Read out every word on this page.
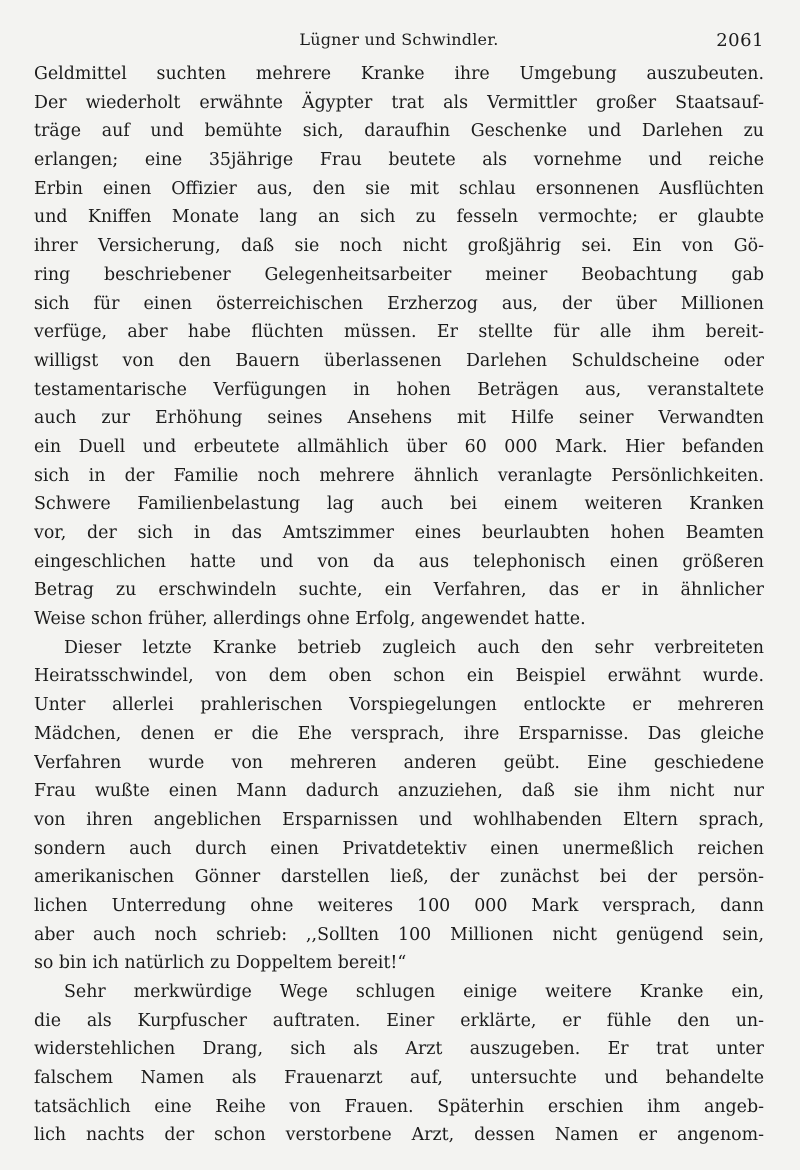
Lügner und Schwindler.	2061
Geldmittel suchten mehrere Kranke ihre Umgebung auszubeuten.
Der wiederholt erwähnte Ägypter trat als Vermittler großer Staatsauf-
träge auf und bemühte sich, daraufhin Geschenke und Darlehen zu
erlangen; eine 35jährige Frau beutete als vornehme und reiche
Erbin einen Offizier aus, den sie mit schlau ersonnenen Ausflüchten
und Kniffen Monate lang an sich zu fesseln vermochte; er glaubte
ihrer Versicherung, daß sie noch nicht großjährig sei. Ein von Gö-
ring beschriebener Gelegenheitsarbeiter meiner Beobachtung gab
sich für einen österreichischen Erzherzog aus, der über Millionen
verfüge, aber habe flüchten müssen. Er stellte für alle ihm bereit-
willigst von den Bauern überlassenen Darlehen Schuldscheine oder
testamentarische Verfügungen in hohen Beträgen aus, veranstaltete
auch zur Erhöhung seines Ansehens mit Hilfe seiner Verwandten
ein Duell und erbeutete allmählich über 60 000 Mark. Hier befanden
sich in der Familie noch mehrere ähnlich veranlagte Persönlichkeiten.
Schwere Familienbelastung lag auch bei einem weiteren Kranken
vor, der sich in das Amtszimmer eines beurlaubten hohen Beamten
eingeschlichen hatte und von da aus telephonisch einen größeren
Betrag zu erschwindeln suchte, ein Verfahren, das er in ähnlicher
Weise schon früher, allerdings ohne Erfolg, angewendet hatte.
Dieser letzte Kranke betrieb zugleich auch den sehr verbreiteten
Heiratsschwindel, von dem oben schon ein Beispiel erwähnt wurde.
Unter allerlei prahlerischen Vorspiegelungen entlockte er mehreren
Mädchen, denen er die Ehe versprach, ihre Ersparnisse. Das gleiche
Verfahren wurde von mehreren anderen geübt. Eine geschiedene
Frau wußte einen Mann dadurch anzuziehen, daß sie ihm nicht nur
von ihren angeblichen Ersparnissen und wohlhabenden Eltern sprach,
sondern auch durch einen Privatdetektiv einen unermeßlich reichen
amerikanischen Gönner darstellen ließ, der zunächst bei der persön-
lichen Unterredung ohne weiteres 100 000 Mark versprach, dann
aber auch noch schrieb: ,,Sollten 100 Millionen nicht genügend sein,
so bin ich natürlich zu Doppeltem bereit!“
Sehr merkwürdige Wege schlugen einige weitere Kranke ein,
die als Kurpfuscher auftraten. Einer erklärte, er fühle den un-
widerstehlichen Drang, sich als Arzt auszugeben. Er trat unter
falschem Namen als Frauenarzt auf, untersuchte und behandelte
tatsächlich eine Reihe von Frauen. Späterhin erschien ihm angeb-
lich nachts der schon verstorbene Arzt, dessen Namen er angenom-
